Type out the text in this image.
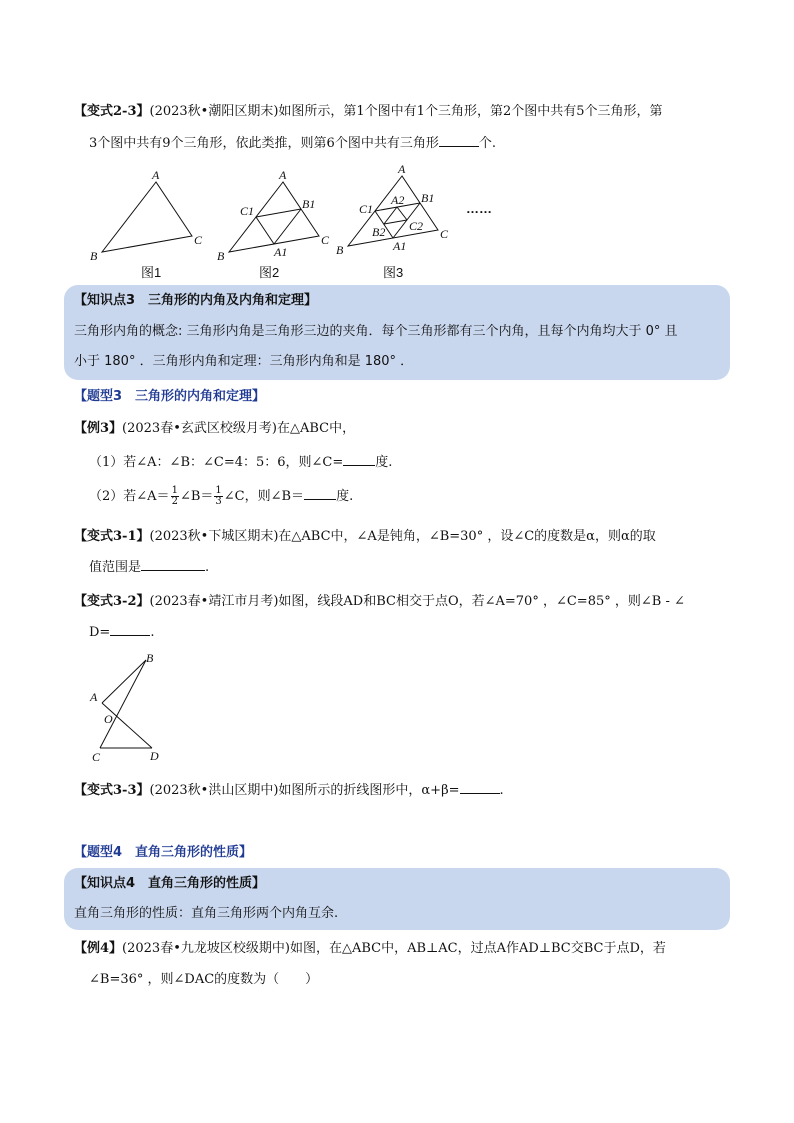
【变式2-3】(2023秋•潮阳区期末)如图所示，第1个图中有1个三角形，第2个图中共有5个三角形，第
3个图中共有9个三角形，依此类推，则第6个图中共有三角形	个.
A
B
C
A
B
C
B1
C1
A1
A
B
C
B1
C1
A1
A2
B2 C2
……
图1	图2	图3
【知识点3　三角形的内角及内角和定理】
三角形内角的概念: 三角形内角是三角形三边的夹角．每个三角形都有三个内角，且每个内角均大于 0° 且
小于 180° ．三角形内角和定理：三角形内角和是 180° ．
【题型3　三角形的内角和定理】
【例3】(2023春•玄武区校级月考)在△ABC中，
（1）若∠A：∠B：∠C=4：5：6，则∠C= 度.
（2）若∠A＝ $\frac{1}{2}$ ∠B＝ $\frac{1}{3}$ ∠C，则∠B＝ 度.
【变式3-1】(2023秋•下城区期末)在△ABC中，∠A是钝角，∠B=30° ，设∠C的度数是α，则α的取
值范围是	.
【变式3-2】(2023春•靖江市月考)如图，线段AD和BC相交于点O，若∠A=70° ，∠C=85° ，则∠B - ∠
D=	.
B
A
O
C	D
【变式3-3】(2023秋•洪山区期中)如图所示的折线图形中，α+β=	.
【题型4　直角三角形的性质】
【知识点4　直角三角形的性质】
直角三角形的性质：直角三角形两个内角互余.
【例4】(2023春•九龙坡区校级期中)如图，在△ABC中，AB⊥AC，过点A作AD⊥BC交BC于点D，若
∠B=36° ，则∠DAC的度数为（　　）
